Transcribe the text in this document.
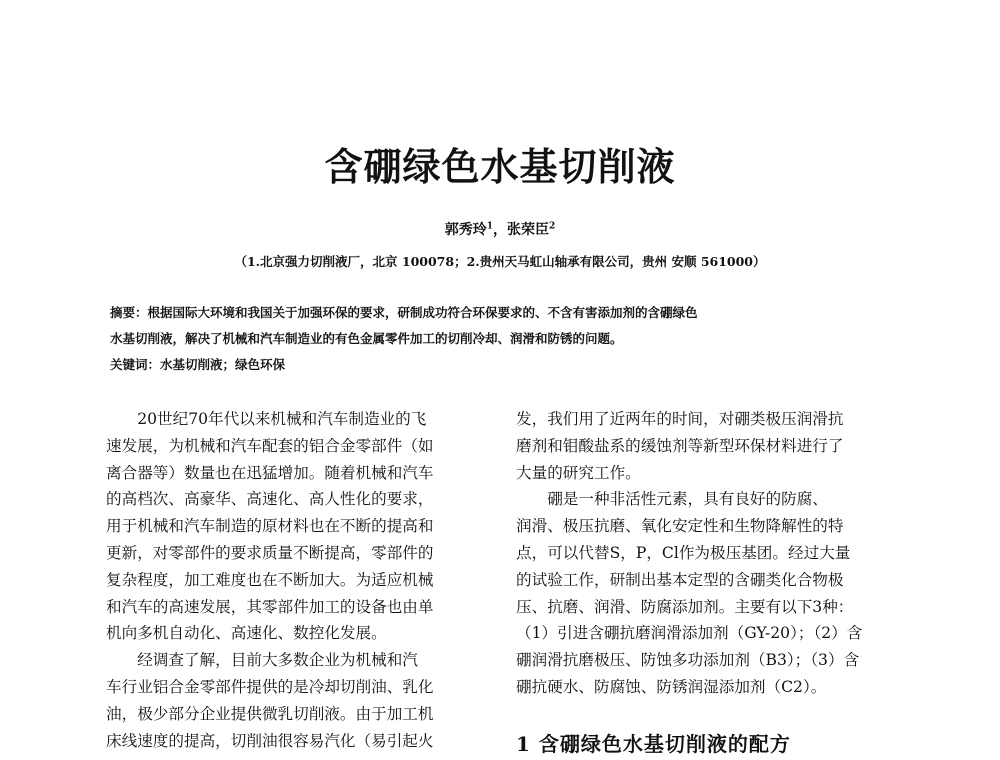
含硼绿色水基切削液
郭秀玲$^1$，张荣臣$^2$
（1.北京强力切削液厂，北京 100078；2.贵州天马虹山轴承有限公司，贵州 安顺 561000）
摘要：根据国际大环境和我国关于加强环保的要求，研制成功符合环保要求的、不含有害添加剂的含硼绿色
水基切削液，解决了机械和汽车制造业的有色金属零件加工的切削冷却、润滑和防锈的问题。
关键词：水基切削液；绿色环保
　　20世纪70年代以来机械和汽车制造业的飞
速发展，为机械和汽车配套的铝合金零部件（如
离合器等）数量也在迅猛增加。随着机械和汽车
的高档次、高豪华、高速化、高人性化的要求，
用于机械和汽车制造的原材料也在不断的提高和
更新，对零部件的要求质量不断提高，零部件的
复杂程度，加工难度也在不断加大。为适应机械
和汽车的高速发展，其零部件加工的设备也由单
机向多机自动化、高速化、数控化发展。
　　经调查了解，目前大多数企业为机械和汽
车行业铝合金零部件提供的是冷却切削油、乳化
油，极少部分企业提供微乳切削液。由于加工机
床线速度的提高，切削油很容易汽化（易引起火
发，我们用了近两年的时间，对硼类极压润滑抗
磨剂和钼酸盐系的缓蚀剂等新型环保材料进行了
大量的研究工作。
　　硼是一种非活性元素，具有良好的防腐、
润滑、极压抗磨、氧化安定性和生物降解性的特
点，可以代替S，P，Cl作为极压基团。经过大量
的试验工作，研制出基本定型的含硼类化合物极
压、抗磨、润滑、防腐添加剂。主要有以下3种：
（1）引进含硼抗磨润滑添加剂（GY-20）；（2）含
硼润滑抗磨极压、防蚀多功添加剂（B3）；（3）含
硼抗硬水、防腐蚀、防锈润湿添加剂（C2）。
1 含硼绿色水基切削液的配方
